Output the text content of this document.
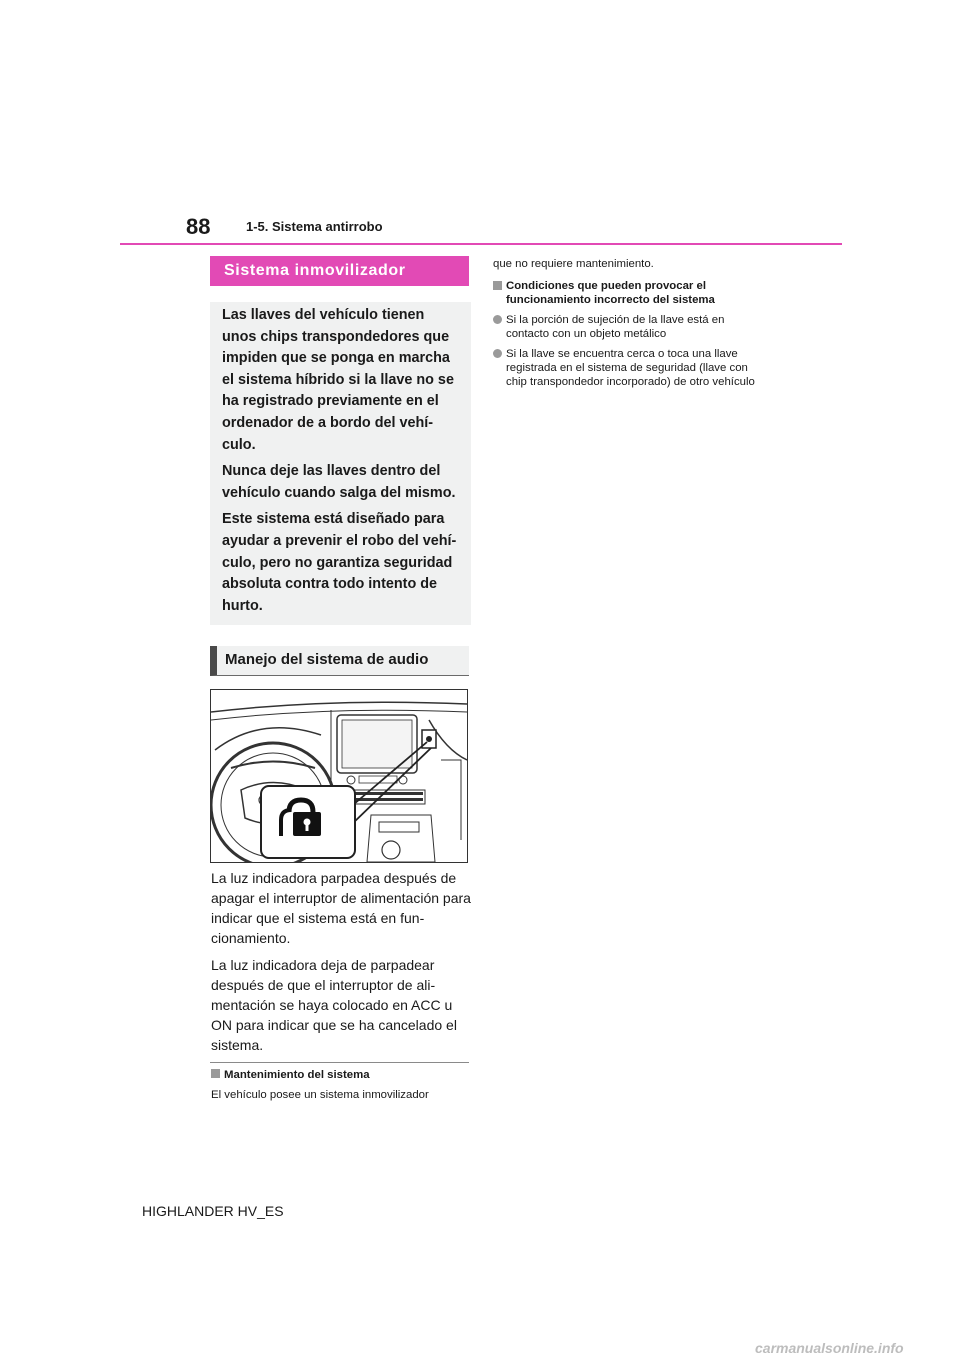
88	1-5. Sistema antirrobo
Sistema inmovilizador

Las llaves del vehículo tienen unos chips transpondedores que impiden que se ponga en marcha el sistema híbrido si la llave no se ha registrado previamente en el ordenador de a bordo del vehí- culo.

Nunca deje las llaves dentro del vehículo cuando salga del mismo.

Este sistema está diseñado para ayudar a prevenir el robo del vehí- culo, pero no garantiza seguridad absoluta contra todo intento de hurto.

Manejo del sistema de audio

La luz indicadora parpadea después de apagar el interruptor de alimentación para indicar que el sistema está en fun- cionamiento.

La luz indicadora deja de parpadear después de que el interruptor de ali- mentación se haya colocado en ACC u ON para indicar que se ha cancelado el sistema.

Mantenimiento del sistema
El vehículo posee un sistema inmovilizador
que no requiere mantenimiento.
Condiciones que pueden provocar el funcionamiento incorrecto del sistema
Si la porción de sujeción de la llave está en contacto con un objeto metálico
Si la llave se encuentra cerca o toca una llave registrada en el sistema de seguridad (llave con chip transpondedor incorporado) de otro vehículo
HIGHLANDER HV_ES
carmanualsonline.info
